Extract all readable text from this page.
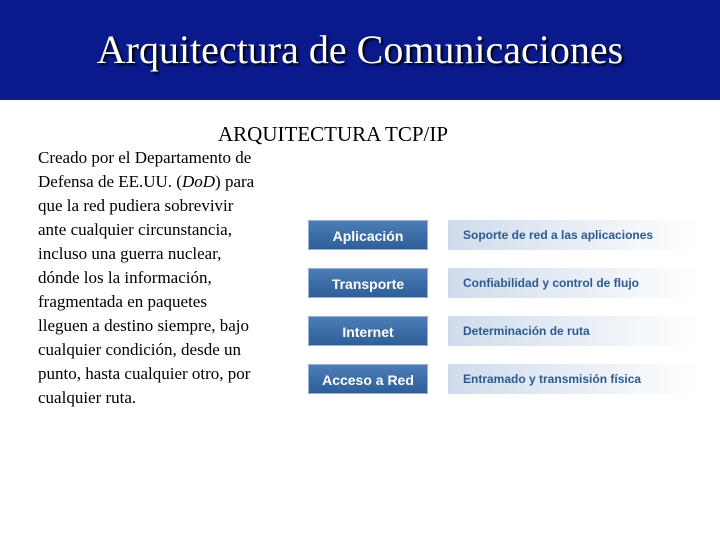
Arquitectura de Comunicaciones
ARQUITECTURA TCP/IP
Creado por el Departamento de Defensa de EE.UU. (DoD) para que la red pudiera sobrevivir ante cualquier circunstancia, incluso una guerra nuclear, dónde los la información, fragmentada en paquetes lleguen a destino siempre, bajo cualquier condición, desde un punto, hasta cualquier otro, por cualquier ruta.
Aplicación	Soporte de red a las aplicaciones
Transporte	Confiabilidad y control de flujo
Internet	Determinación de ruta
Acceso a Red	Entramado y transmisión física
